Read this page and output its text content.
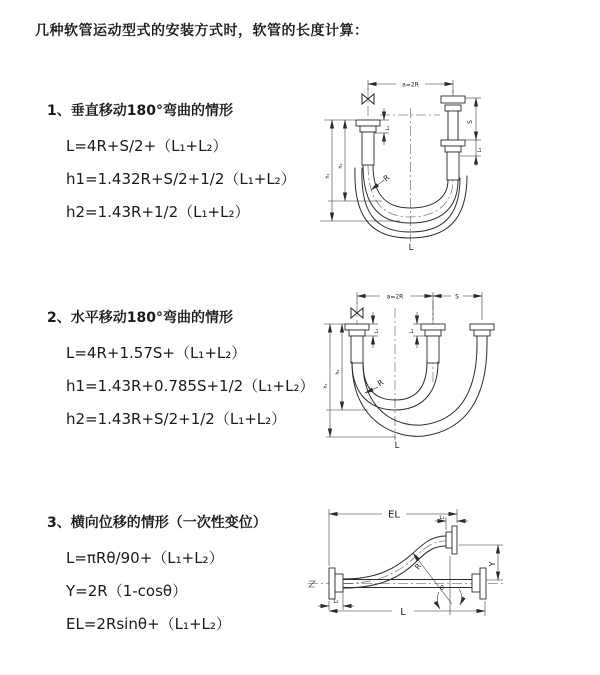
几种软管运动型式的安装方式时，软管的长度计算：

1、垂直移动180°弯曲的情形

L=4R+S/2+（L₁+L₂）

h1=1.432R+S/2+1/2（L₁+L₂）

h2=1.43R+1/2（L₁+L₂）

2、水平移动180°弯曲的情形

L=4R+1.57S+（L₁+L₂）

h1=1.43R+0.785S+1/2（L₁+L₂）

h2=1.43R+S/2+1/2（L₁+L₂）

3、横向位移的情形（一次性变位）

L=πRθ/90+（L₁+L₂）

Y=2R（1-cosθ）

EL=2Rsinθ+（L₁+L₂）

a=2R
S
L₂
L₁
h₁
h₂
R
L
a=2R	S
L₁	L₂
h₁
h₂
R
L
EL	L₁
Y
R
θ
L₂
L
